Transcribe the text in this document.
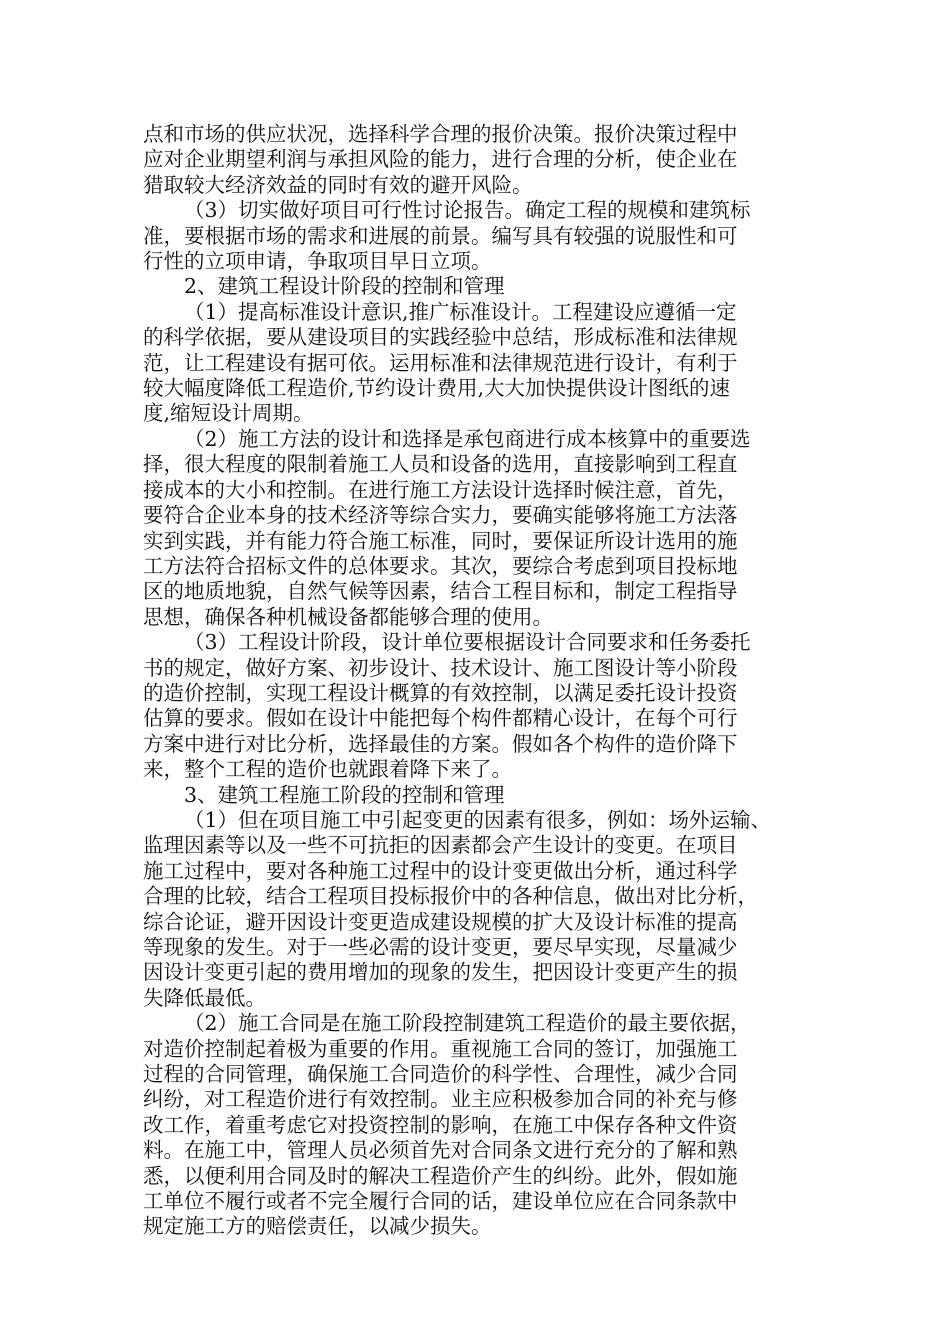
点和市场的供应状况，选择科学合理的报价决策。报价决策过程中
应对企业期望利润与承担风险的能力，进行合理的分析，使企业在
猎取较大经济效益的同时有效的避开风险。
（3）切实做好项目可行性讨论报告。确定工程的规模和建筑标
准，要根据市场的需求和进展的前景。编写具有较强的说服性和可
行性的立项申请，争取项目早日立项。
2、建筑工程设计阶段的控制和管理
（1）提高标准设计意识,推广标准设计。工程建设应遵循一定
的科学依据，要从建设项目的实践经验中总结，形成标准和法律规
范，让工程建设有据可依。运用标准和法律规范进行设计，有利于
较大幅度降低工程造价,节约设计费用,大大加快提供设计图纸的速
度,缩短设计周期。
（2）施工方法的设计和选择是承包商进行成本核算中的重要选
择，很大程度的限制着施工人员和设备的选用，直接影响到工程直
接成本的大小和控制。在进行施工方法设计选择时候注意，首先，
要符合企业本身的技术经济等综合实力，要确实能够将施工方法落
实到实践，并有能力符合施工标准，同时，要保证所设计选用的施
工方法符合招标文件的总体要求。其次，要综合考虑到项目投标地
区的地质地貌，自然气候等因素，结合工程目标和，制定工程指导
思想，确保各种机械设备都能够合理的使用。
（3）工程设计阶段，设计单位要根据设计合同要求和任务委托
书的规定，做好方案、初步设计、技术设计、施工图设计等小阶段
的造价控制，实现工程设计概算的有效控制，以满足委托设计投资
估算的要求。假如在设计中能把每个构件都精心设计，在每个可行
方案中进行对比分析，选择最佳的方案。假如各个构件的造价降下
来，整个工程的造价也就跟着降下来了。
3、建筑工程施工阶段的控制和管理
（1）但在项目施工中引起变更的因素有很多，例如：场外运输、
监理因素等以及一些不可抗拒的因素都会产生设计的变更。在项目
施工过程中，要对各种施工过程中的设计变更做出分析，通过科学
合理的比较，结合工程项目投标报价中的各种信息，做出对比分析，
综合论证，避开因设计变更造成建设规模的扩大及设计标准的提高
等现象的发生。对于一些必需的设计变更，要尽早实现，尽量减少
因设计变更引起的费用增加的现象的发生，把因设计变更产生的损
失降低最低。
（2）施工合同是在施工阶段控制建筑工程造价的最主要依据，
对造价控制起着极为重要的作用。重视施工合同的签订，加强施工
过程的合同管理，确保施工合同造价的科学性、合理性，减少合同
纠纷，对工程造价进行有效控制。业主应积极参加合同的补充与修
改工作，着重考虑它对投资控制的影响，在施工中保存各种文件资
料。在施工中，管理人员必须首先对合同条文进行充分的了解和熟
悉，以便利用合同及时的解决工程造价产生的纠纷。此外，假如施
工单位不履行或者不完全履行合同的话，建设单位应在合同条款中
规定施工方的赔偿责任，以减少损失。
